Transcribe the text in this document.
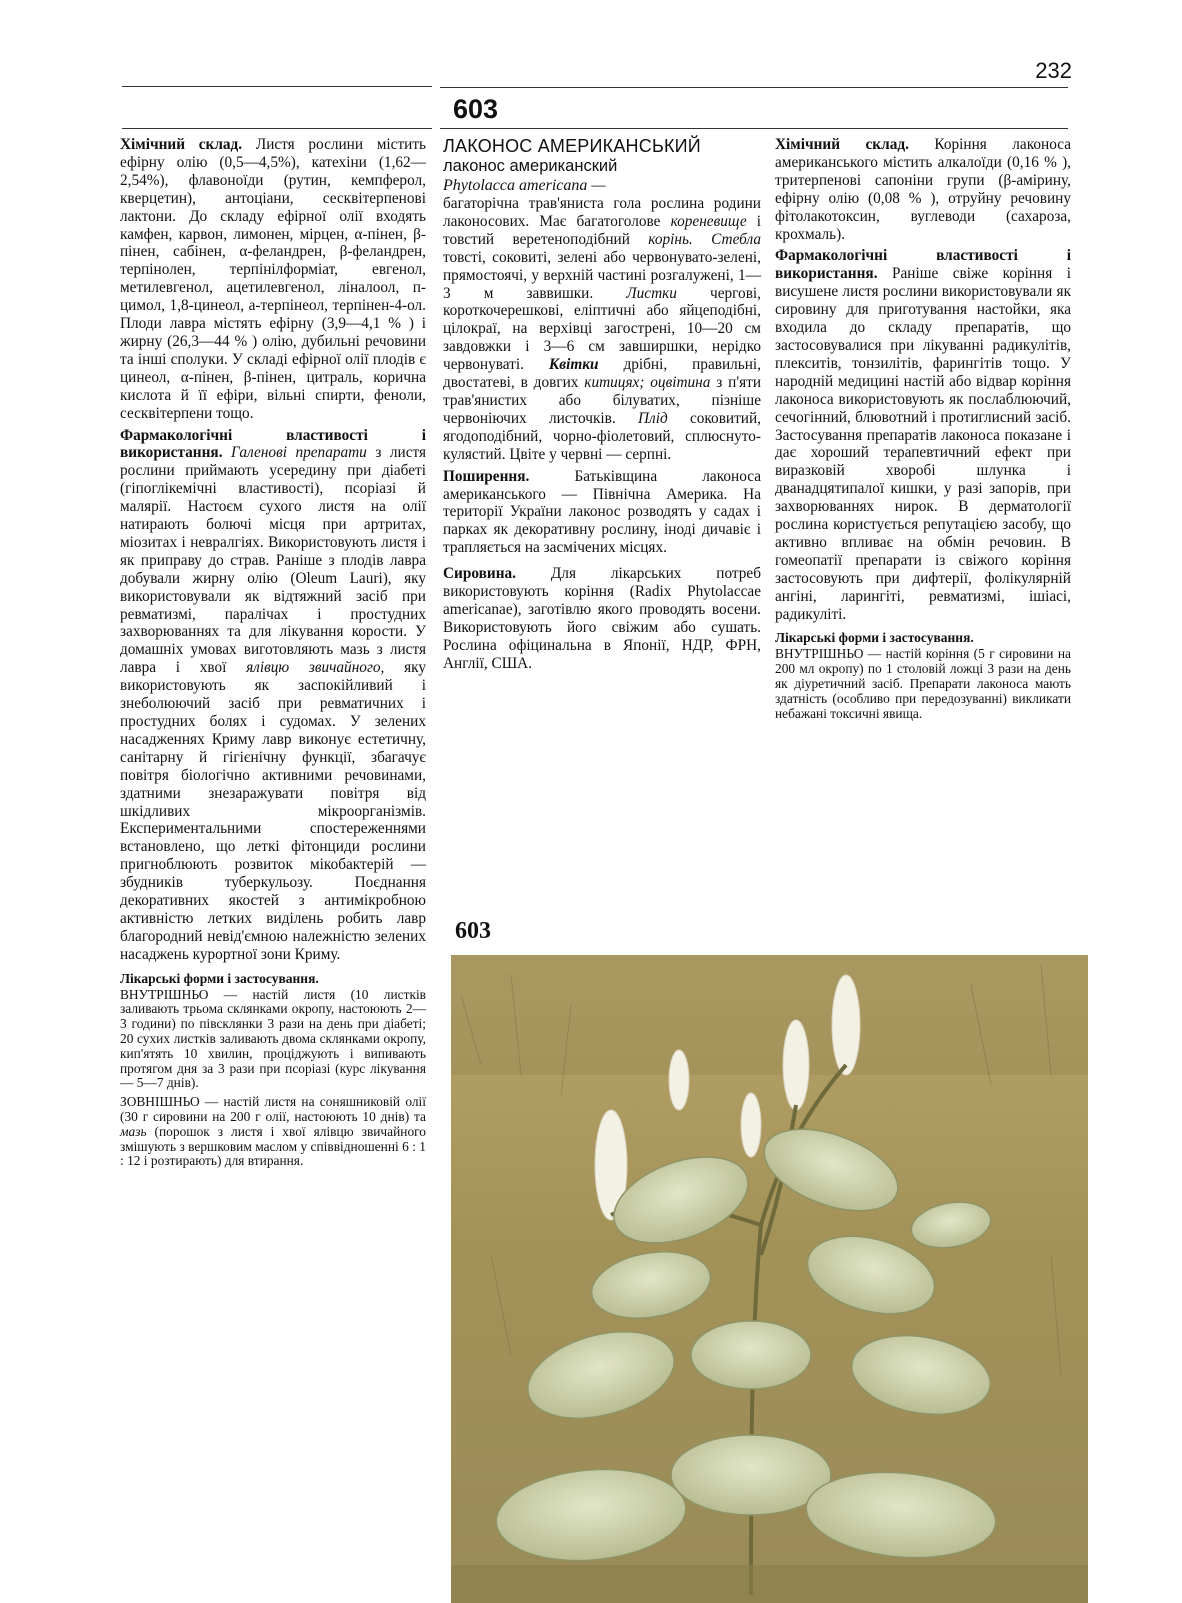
232
603

Хімічний склад. Листя рослини містить ефірну олію (0,5—4,5%), катехіни (1,62—2,54%), флавоноїди (рутин, кемпферол, кверцетин), антоціани, сесквітерпенові лактони. До складу ефірної олії входять камфен, карвон, лимонен, мірцен, α-пінен, β-пінен, сабінен, α-феландрен, β-феландрен, терпінолен, терпінілформіат, евгенол, метилевгенол, ацетилевгенол, ліналоол, п-цимол, 1,8-цинеол, а-терпінеол, терпінен-4-ол. Плоди лавра містять ефірну (3,9—4,1 % ) і жирну (26,3—44 % ) олію, дубильні речовини та інші сполуки. У складі ефірної олії плодів є цинеол, α-пінен, β-пінен, цитраль, корична кислота й її ефіри, вільні спирти, феноли, сесквітерпени тощо.

Фармакологічні властивості і використання. Галенові препарати з листя рослини приймають усередину при діабеті (гіпоглікемічні властивості), псоріазі й малярії. Настоєм сухого листя на олії натирають болючі місця при артритах, міозитах і невралгіях. Використовують листя і як приправу до страв. Раніше з плодів лавра добували жирну олію (Oleum Lauri), яку використовували як відтяжний засіб при ревматизмі, паралічах і простудних захворюваннях та для лікування корости. У домашніх умовах виготовляють мазь з листя лавра і хвої ялівцю звичайного, яку використовують як заспокійливий і знеболюючий засіб при ревматичних і простудних болях і судомах. У зелених насадженнях Криму лавр виконує естетичну, санітарну й гігієнічну функції, збагачує повітря біологічно активними речовинами, здатними знезаражувати повітря від шкідливих мікроорганізмів. Експериментальними спостереженнями встановлено, що леткі фітонциди рослини пригноблюють розвиток мікобактерій — збудників туберкульозу. Поєднання декоративних якостей з антимікробною активністю летких виділень робить лавр благородний невід'ємною належністю зелених насаджень курортної зони Криму.

Лікарські форми і застосування.

ВНУТРІШНЬО — настій листя (10 листків заливають трьома склянками окропу, настоюють 2—3 години) по півсклянки 3 рази на день при діабеті; 20 сухих листків заливають двома склянками окропу, кип'ятять 10 хвилин, проціджують і випивають протягом дня за 3 рази при псоріазі (курс лікування — 5—7 днів).

ЗОВНІШНЬО — настій листя на соняшниковій олії (30 г сировини на 200 г олії, настоюють 10 днів) та мазь (порошок з листя і хвої ялівцю звичайного змішують з вершковим маслом у співвідношенні 6 : 1 : 12 і розтирають) для втирання.

ЛАКОНОС АМЕРИКАНСЬКИЙ
лаконос американский
Phytolacca americana —

багаторічна трав'яниста гола рослина родини лаконосових. Має багатоголове кореневище і товстий веретеноподібний корінь. Стебла товсті, соковиті, зелені або червонувато-зелені, прямостоячі, у верхній частині розгалужені, 1—3 м заввишки. Листки чергові, короткочерешкові, еліптичні або яйцеподібні, цілокраї, на верхівці загострені, 10—20 см завдовжки і 3—6 см завширшки, нерідко червонуваті. Квітки дрібні, правильні, двостатеві, в довгих китицях; оцвітина з п'яти трав'янистих або білуватих, пізніше червоніючих листочків. Плід соковитий, ягодоподібний, чорно-фіолетовий, сплюснуто-кулястий. Цвіте у червні — серпні.

Поширення.	Батьківщина лаконоса американського — Північна Америка. На території України лаконос розводять у садах і парках як декоративну рослину, іноді дичавіє і трапляється на засмічених місцях.

Сировина. Для лікарських потреб використовують коріння (Radix Phytolaccae americanae), заготівлю якого проводять восени. Використовують його свіжим або сушать. Рослина офіцинальна в Японії, НДР, ФРН, Англії, США.

Хімічний склад. Коріння лаконоса американського містить алкалоїди (0,16 % ), тритерпенові сапоніни групи (β-амірину, ефірну олію (0,08 % ), отруйну речовину фітолакотоксин, вуглеводи (сахароза, крохмаль).

Фармакологічні властивості і використання. Раніше свіже коріння і висушене листя рослини використовували як сировину для приготування настойки, яка входила до складу препаратів, що застосовувалися при лікуванні радикулітів, плекситів, тонзилітів, фарингітів тощо. У народній медицині настій або відвар коріння лаконоса використовують як послаблюючий, сечогінний, блювотний і протиглисний засіб. Застосування препаратів лаконоса показане і дає хороший терапевтичний ефект при виразковій хворобі шлунка і дванадцятипалої кишки, у разі запорів, при захворюваннях нирок. В дерматології рослина користується репутацією засобу, що активно впливає на обмін речовин. В гомеопатії препарати із свіжого коріння застосовують при дифтерії, фолікулярній ангіні, ларингіті, ревматизмі, ішіасі, радикуліті.

Лікарські форми і застосування.

ВНУТРІШНЬО — настій коріння (5 г сировини на 200 мл окропу) по 1 столовій ложці 3 рази на день як діуретичний засіб. Препарати лаконоса мають здатність (особливо при передозуванні) викликати небажані токсичні явища.

603
